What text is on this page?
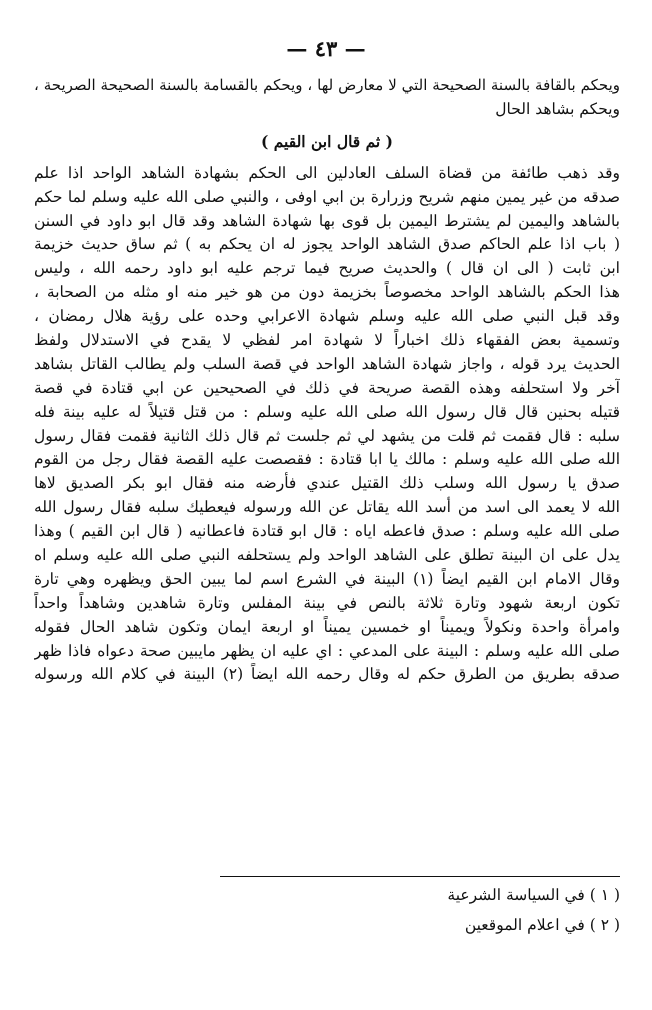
— ٤٣ —
ويحكم بالقافة بالسنة الصحيحة التي لا معارض لها ، ويحكم بالقسامة بالسنة الصحيحة الصريحة ،
ويحكم بشاهد الحال
( ثم قال ابن القيم )
وقد ذهب طائفة من قضاة السلف العادلين الى الحكم بشهادة الشاهد الواحد اذا علم
صدقه من غير يمين منهم شريح وزرارة بن ابي اوفى ، والنبي صلى الله عليه وسلم لما حكم
بالشاهد واليمين لم يشترط اليمين بل قوى بها شهادة الشاهد وقد قال ابو داود في السنن
( باب اذا علم الحاكم صدق الشاهد الواحد يجوز له ان يحكم به ) ثم ساق حديث خزيمة
ابن ثابت ( الى ان قال ) والحديث صريح فيما ترجم عليه ابو داود رحمه الله ، وليس
هذا الحكم بالشاهد الواحد مخصوصاً بخزيمة دون من هو خير منه او مثله من الصحابة ،
وقد قبل النبي صلى الله عليه وسلم شهادة الاعرابي وحده على رؤية هلال رمضان ،
وتسمية بعض الفقهاء ذلك اخباراً لا شهادة امر لفظي لا يقدح في الاستدلال ولفظ
الحديث يرد قوله ، واجاز شهادة الشاهد الواحد في قصة السلب ولم يطالب القاتل بشاهد
آخر ولا استحلفه وهذه القصة صريحة في ذلك في الصحيحين عن ابي قتادة في قصة
قتيله بحنين قال قال رسول الله صلى الله عليه وسلم : من قتل قتيلاً له عليه بينة فله
سلبه : قال فقمت ثم قلت من يشهد لي ثم جلست ثم قال ذلك الثانية فقمت فقال رسول
الله صلى الله عليه وسلم : مالك يا ابا قتادة : فقصصت عليه القصة فقال رجل من القوم
صدق يا رسول الله وسلب ذلك القتيل عندي فأرضه منه فقال ابو بكر الصديق لاها
الله لا يعمد الى اسد من أسد الله يقاتل عن الله ورسوله فيعطيك سلبه فقال رسول الله
صلى الله عليه وسلم : صدق فاعطه اياه : قال ابو قتادة فاعطانيه ( قال ابن القيم ) وهذا
يدل على ان البينة تطلق على الشاهد الواحد ولم يستحلفه النبي صلى الله عليه وسلم اه
وقال الامام ابن القيم ايضاً (١) البينة في الشرع اسم لما يبين الحق ويظهره وهي تارة
تكون اربعة شهود وتارة ثلاثة بالنص في بينة المفلس وتارة شاهدين وشاهداً واحداً
وامرأة واحدة ونكولاً ويميناً او خمسين يميناً او اربعة ايمان وتكون شاهد الحال فقوله
صلى الله عليه وسلم : البينة على المدعي : اي عليه ان يظهر مايبين صحة دعواه فاذا ظهر
صدقه بطريق من الطرق حكم له وقال رحمه الله ايضاً (٢) البينة في كلام الله ورسوله
( ١ ) في السياسة الشرعية
( ٢ ) في اعلام الموقعين
